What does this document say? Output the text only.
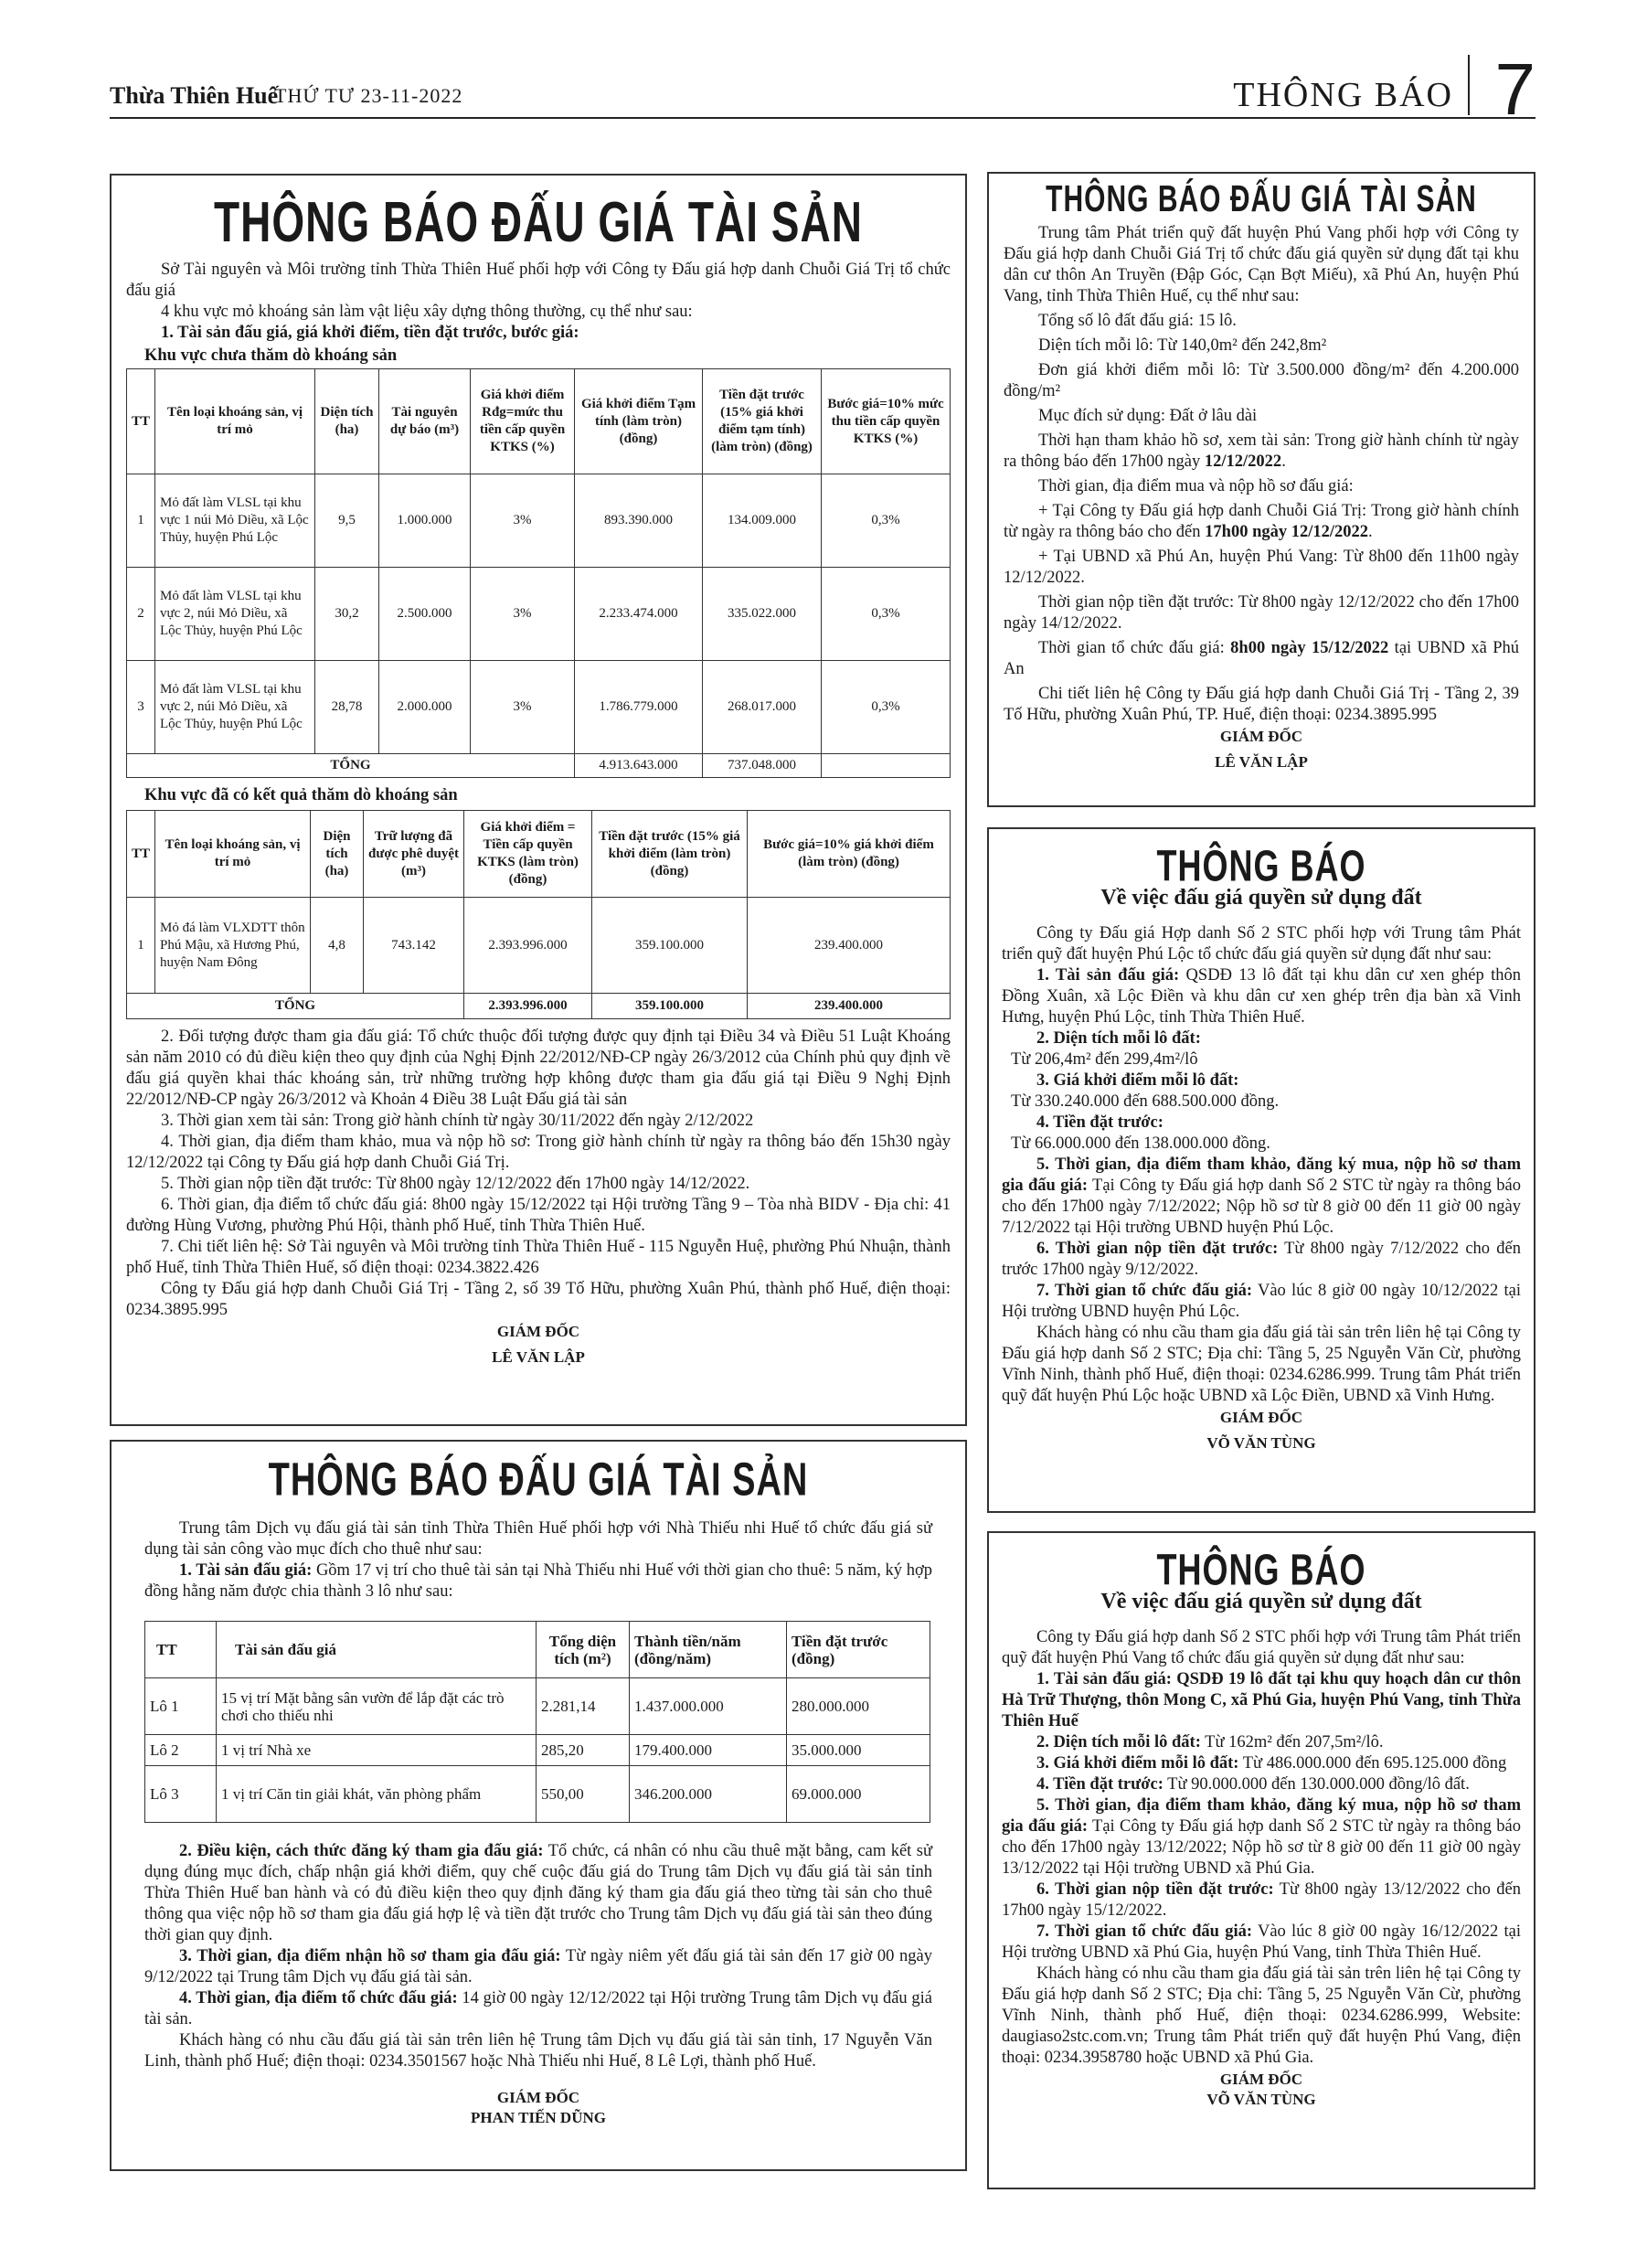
Thừa Thiên Huế
THỨ TƯ 23-11-2022	THÔNG BÁO 7
THÔNG BÁO ĐẤU GIÁ TÀI SẢN
Sở Tài nguyên và Môi trường tỉnh Thừa Thiên Huế phối hợp với Công ty Đấu giá hợp danh Chuỗi Giá Trị tổ chức đấu giá
4 khu vực mỏ khoáng sản làm vật liệu xây dựng thông thường, cụ thể như sau:
1. Tài sản đấu giá, giá khởi điểm, tiền đặt trước, bước giá:
Khu vực chưa thăm dò khoáng sản
TT	Tên loại khoáng sản, vị trí mỏ	Diện tích (ha)	Tài nguyên dự báo (m³)	Giá khởi điểm Rđg=mức thu tiền cấp quyền KTKS (%)	Giá khởi điểm Tạm tính (làm tròn) (đồng)	Tiền đặt trước (15% giá khởi điểm tạm tính) (làm tròn) (đồng)	Bước giá=10% mức thu tiền cấp quyền KTKS (%)
1	Mỏ đất làm VLSL tại khu vực 1 núi Mỏ Diều, xã Lộc Thủy, huyện Phú Lộc	9,5	1.000.000	3%	893.390.000	134.009.000	0,3%
2	Mỏ đất làm VLSL tại khu vực 2, núi Mỏ Diều, xã Lộc Thủy, huyện Phú Lộc	30,2	2.500.000	3%	2.233.474.000	335.022.000	0,3%
3	Mỏ đất làm VLSL tại khu vực 2, núi Mỏ Diều, xã Lộc Thủy, huyện Phú Lộc	28,78	2.000.000	3%	1.786.779.000	268.017.000	0,3%
TỔNG					4.913.643.000	737.048.000	
Khu vực đã có kết quả thăm dò khoáng sản
TT	Tên loại khoáng sản, vị trí mỏ	Diện tích (ha)	Trữ lượng đã được phê duyệt (m³)	Giá khởi điểm = Tiền cấp quyền KTKS (làm tròn) (đồng)	Tiền đặt trước (15% giá khởi điểm (làm tròn) (đồng)	Bước giá=10% giá khởi điểm (làm tròn) (đồng)
1	Mỏ đá làm VLXDTT thôn Phú Mậu, xã Hương Phú, huyện Nam Đông	4,8	743.142	2.393.996.000	359.100.000	239.400.000
TỔNG				2.393.996.000	359.100.000	239.400.000
2. Đối tượng được tham gia đấu giá: Tổ chức thuộc đối tượng được quy định tại Điều 34 và Điều 51 Luật Khoáng sản năm 2010 có đủ điều kiện theo quy định của Nghị Định 22/2012/NĐ-CP ngày 26/3/2012 của Chính phủ quy định về đấu giá quyền khai thác khoáng sản, trừ những trường hợp không được tham gia đấu giá tại Điều 9 Nghị Định 22/2012/NĐ-CP ngày 26/3/2012 và Khoản 4 Điều 38 Luật Đấu giá tài sản
3. Thời gian xem tài sản: Trong giờ hành chính từ ngày 30/11/2022 đến ngày 2/12/2022
4. Thời gian, địa điểm tham khảo, mua và nộp hồ sơ: Trong giờ hành chính từ ngày ra thông báo đến 15h30 ngày 12/12/2022 tại Công ty Đấu giá hợp danh Chuỗi Giá Trị.
5. Thời gian nộp tiền đặt trước: Từ 8h00 ngày 12/12/2022 đến 17h00 ngày 14/12/2022.
6. Thời gian, địa điểm tổ chức đấu giá: 8h00 ngày 15/12/2022 tại Hội trường Tầng 9 – Tòa nhà BIDV - Địa chỉ: 41 đường Hùng Vương, phường Phú Hội, thành phố Huế, tỉnh Thừa Thiên Huế.
7. Chi tiết liên hệ: Sở Tài nguyên và Môi trường tỉnh Thừa Thiên Huế - 115 Nguyễn Huệ, phường Phú Nhuận, thành phố Huế, tỉnh Thừa Thiên Huế, số điện thoại: 0234.3822.426
Công ty Đấu giá hợp danh Chuỗi Giá Trị - Tầng 2, số 39 Tố Hữu, phường Xuân Phú, thành phố Huế, điện thoại: 0234.3895.995
GIÁM ĐỐC
LÊ VĂN LẬP
THÔNG BÁO ĐẤU GIÁ TÀI SẢN
Trung tâm Dịch vụ đấu giá tài sản tỉnh Thừa Thiên Huế phối hợp với Nhà Thiếu nhi Huế tổ chức đấu giá sử dụng tài sản công vào mục đích cho thuê như sau:
1. Tài sản đấu giá: Gồm 17 vị trí cho thuê tài sản tại Nhà Thiếu nhi Huế với thời gian cho thuê: 5 năm, ký hợp đồng hằng năm được chia thành 3 lô như sau:
TT	Tài sản đấu giá	Tổng diện tích (m²)	Thành tiền/năm (đồng/năm)	Tiền đặt trước (đồng)
Lô 1	15 vị trí Mặt bằng sân vườn để lắp đặt các trò chơi cho thiếu nhi	2.281,14	1.437.000.000	280.000.000
Lô 2	1 vị trí Nhà xe	285,20	179.400.000	35.000.000
Lô 3	1 vị trí Căn tin giải khát, văn phòng phẩm	550,00	346.200.000	69.000.000
2. Điều kiện, cách thức đăng ký tham gia đấu giá: Tổ chức, cá nhân có nhu cầu thuê mặt bằng, cam kết sử dụng đúng mục đích, chấp nhận giá khởi điểm, quy chế cuộc đấu giá do Trung tâm Dịch vụ đấu giá tài sản tỉnh Thừa Thiên Huế ban hành và có đủ điều kiện theo quy định đăng ký tham gia đấu giá theo từng tài sản cho thuê thông qua việc nộp hồ sơ tham gia đấu giá hợp lệ và tiền đặt trước cho Trung tâm Dịch vụ đấu giá tài sản theo đúng thời gian quy định.
3. Thời gian, địa điểm nhận hồ sơ tham gia đấu giá: Từ ngày niêm yết đấu giá tài sản đến 17 giờ 00 ngày 9/12/2022 tại Trung tâm Dịch vụ đấu giá tài sản.
4. Thời gian, địa điểm tổ chức đấu giá: 14 giờ 00 ngày 12/12/2022 tại Hội trường Trung tâm Dịch vụ đấu giá tài sản.
Khách hàng có nhu cầu đấu giá tài sản trên liên hệ Trung tâm Dịch vụ đấu giá tài sản tỉnh, 17 Nguyễn Văn Linh, thành phố Huế; điện thoại: 0234.3501567 hoặc Nhà Thiếu nhi Huế, 8 Lê Lợi, thành phố Huế.
GIÁM ĐỐC
PHAN TIẾN DŨNG
THÔNG BÁO ĐẤU GIÁ TÀI SẢN
Trung tâm Phát triển quỹ đất huyện Phú Vang phối hợp với Công ty Đấu giá hợp danh Chuỗi Giá Trị tổ chức đấu giá quyền sử dụng đất tại khu dân cư thôn An Truyền (Đập Góc, Cạn Bợt Miếu), xã Phú An, huyện Phú Vang, tỉnh Thừa Thiên Huế, cụ thể như sau:
Tổng số lô đất đấu giá: 15 lô.
Diện tích mỗi lô: Từ 140,0m² đến 242,8m²
Đơn giá khởi điểm mỗi lô: Từ 3.500.000 đồng/m² đến 4.200.000 đồng/m²
Mục đích sử dụng: Đất ở lâu dài
Thời hạn tham khảo hồ sơ, xem tài sản: Trong giờ hành chính từ ngày ra thông báo đến 17h00 ngày 12/12/2022.
Thời gian, địa điểm mua và nộp hồ sơ đấu giá:
+ Tại Công ty Đấu giá hợp danh Chuỗi Giá Trị: Trong giờ hành chính từ ngày ra thông báo cho đến 17h00 ngày 12/12/2022.
+ Tại UBND xã Phú An, huyện Phú Vang: Từ 8h00 đến 11h00 ngày 12/12/2022.
Thời gian nộp tiền đặt trước: Từ 8h00 ngày 12/12/2022 cho đến 17h00 ngày 14/12/2022.
Thời gian tổ chức đấu giá: 8h00 ngày 15/12/2022 tại UBND xã Phú An
Chi tiết liên hệ Công ty Đấu giá hợp danh Chuỗi Giá Trị - Tầng 2, 39 Tố Hữu, phường Xuân Phú, TP. Huế, điện thoại: 0234.3895.995
GIÁM ĐỐC
LÊ VĂN LẬP
THÔNG BÁO
Về việc đấu giá quyền sử dụng đất
Công ty Đấu giá Hợp danh Số 2 STC phối hợp với Trung tâm Phát triển quỹ đất huyện Phú Lộc tổ chức đấu giá quyền sử dụng đất như sau:
1. Tài sản đấu giá: QSDĐ 13 lô đất tại khu dân cư xen ghép thôn Đồng Xuân, xã Lộc Điền và khu dân cư xen ghép trên địa bàn xã Vinh Hưng, huyện Phú Lộc, tỉnh Thừa Thiên Huế.
2. Diện tích mỗi lô đất:
Từ 206,4m² đến 299,4m²/lô
3. Giá khởi điểm mỗi lô đất:
Từ 330.240.000 đến 688.500.000 đồng.
4. Tiền đặt trước:
Từ 66.000.000 đến 138.000.000 đồng.
5. Thời gian, địa điểm tham khảo, đăng ký mua, nộp hồ sơ tham gia đấu giá: Tại Công ty Đấu giá hợp danh Số 2 STC từ ngày ra thông báo cho đến 17h00 ngày 7/12/2022; Nộp hồ sơ từ 8 giờ 00 đến 11 giờ 00 ngày 7/12/2022 tại Hội trường UBND huyện Phú Lộc.
6. Thời gian nộp tiền đặt trước: Từ 8h00 ngày 7/12/2022 cho đến trước 17h00 ngày 9/12/2022.
7. Thời gian tổ chức đấu giá: Vào lúc 8 giờ 00 ngày 10/12/2022 tại Hội trường UBND huyện Phú Lộc.
Khách hàng có nhu cầu tham gia đấu giá tài sản trên liên hệ tại Công ty Đấu giá hợp danh Số 2 STC; Địa chỉ: Tầng 5, 25 Nguyễn Văn Cừ, phường Vĩnh Ninh, thành phố Huế, điện thoại: 0234.6286.999. Trung tâm Phát triển quỹ đất huyện Phú Lộc hoặc UBND xã Lộc Điền, UBND xã Vinh Hưng.
GIÁM ĐỐC
VÕ VĂN TÙNG
THÔNG BÁO
Về việc đấu giá quyền sử dụng đất
Công ty Đấu giá hợp danh Số 2 STC phối hợp với Trung tâm Phát triển quỹ đất huyện Phú Vang tổ chức đấu giá quyền sử dụng đất như sau:
1. Tài sản đấu giá: QSDĐ 19 lô đất tại khu quy hoạch dân cư thôn Hà Trữ Thượng, thôn Mong C, xã Phú Gia, huyện Phú Vang, tỉnh Thừa Thiên Huế
2. Diện tích mỗi lô đất: Từ 162m² đến 207,5m²/lô.
3. Giá khởi điểm mỗi lô đất: Từ 486.000.000 đến 695.125.000 đồng
4. Tiền đặt trước: Từ 90.000.000 đến 130.000.000 đồng/lô đất.
5. Thời gian, địa điểm tham khảo, đăng ký mua, nộp hồ sơ tham gia đấu giá: Tại Công ty Đấu giá hợp danh Số 2 STC từ ngày ra thông báo cho đến 17h00 ngày 13/12/2022; Nộp hồ sơ từ 8 giờ 00 đến 11 giờ 00 ngày 13/12/2022 tại Hội trường UBND xã Phú Gia.
6. Thời gian nộp tiền đặt trước: Từ 8h00 ngày 13/12/2022 cho đến 17h00 ngày 15/12/2022.
7. Thời gian tổ chức đấu giá: Vào lúc 8 giờ 00 ngày 16/12/2022 tại Hội trường UBND xã Phú Gia, huyện Phú Vang, tỉnh Thừa Thiên Huế.
Khách hàng có nhu cầu tham gia đấu giá tài sản trên liên hệ tại Công ty Đấu giá hợp danh Số 2 STC; Địa chỉ: Tầng 5, 25 Nguyễn Văn Cừ, phường Vĩnh Ninh, thành phố Huế, điện thoại: 0234.6286.999, Website: daugiaso2stc.com.vn; Trung tâm Phát triển quỹ đất huyện Phú Vang, điện thoại: 0234.3958780 hoặc UBND xã Phú Gia.
GIÁM ĐỐC
VÕ VĂN TÙNG
